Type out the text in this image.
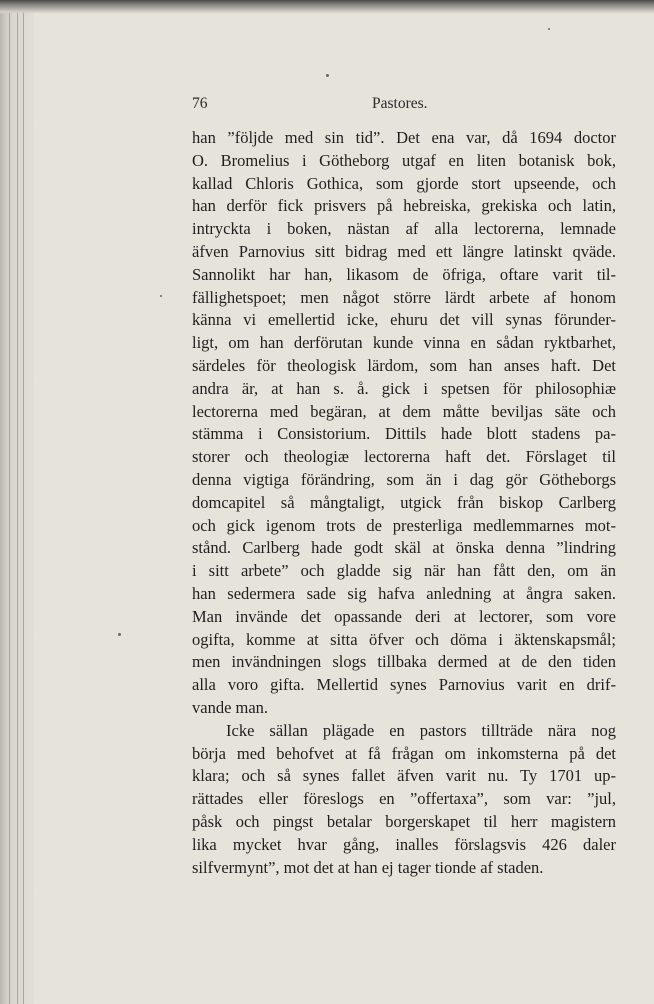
76	Pastores.
han ”följde med sin tid”. Det ena var, då 1694 doctor
O. Bromelius i Götheborg utgaf en liten botanisk bok,
kallad Chloris Gothica, som gjorde stort upseende, och
han derför fick prisvers på hebreiska, grekiska och latin,
intryckta i boken, nästan af alla lectorerna, lemnade
äfven Parnovius sitt bidrag med ett längre latinskt qväde.
Sannolikt har han, likasom de öfriga, oftare varit til-
fällighetspoet; men något större lärdt arbete af honom
känna vi emellertid icke, ehuru det vill synas förunder-
ligt, om han derförutan kunde vinna en sådan ryktbarhet,
särdeles för theologisk lärdom, som han anses haft. Det
andra är, at han s. å. gick i spetsen för philosophiæ
lectorerna med begäran, at dem måtte beviljas säte och
stämma i Consistorium. Dittils hade blott stadens pa-
storer och theologiæ lectorerna haft det. Förslaget til
denna vigtiga förändring, som än i dag gör Götheborgs
domcapitel så mångtaligt, utgick från biskop Carlberg
och gick igenom trots de presterliga medlemmarnes mot-
stånd. Carlberg hade godt skäl at önska denna ”lindring
i sitt arbete” och gladde sig när han fått den, om än
han sedermera sade sig hafva anledning at ångra saken.
Man invände det opassande deri at lectorer, som vore
ogifta, komme at sitta öfver och döma i äktenskapsmål;
men invändningen slogs tillbaka dermed at de den tiden
alla voro gifta. Mellertid synes Parnovius varit en drif-
vande man.
Icke sällan plägade en pastors tillträde nära nog
börja med behofvet at få frågan om inkomsterna på det
klara; och så synes fallet äfven varit nu. Ty 1701 up-
rättades eller föreslogs en ”offertaxa”, som var: ”jul,
påsk och pingst betalar borgerskapet til herr magistern
lika mycket hvar gång, inalles förslagsvis 426 daler
silfvermynt”, mot det at han ej tager tionde af staden.
